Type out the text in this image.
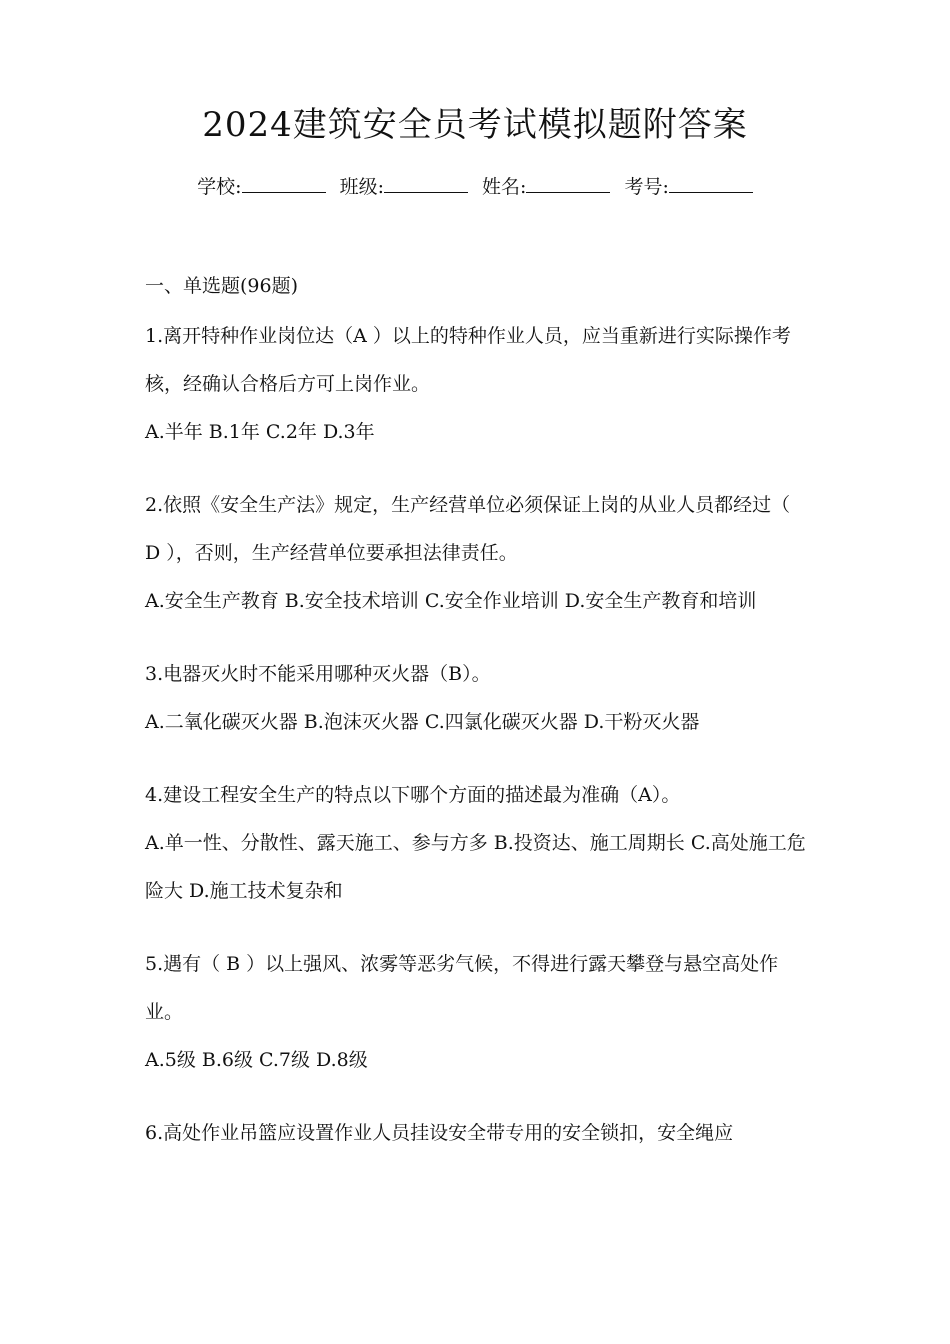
2024建筑安全员考试模拟题附答案
学校:	班级:	姓名:	考号:

一、单选题(96题)

1.离开特种作业岗位达（A ）以上的特种作业人员，应当重新进行实际操作考核，经确认合格后方可上岗作业。

A.半年 B.1年 C.2年 D.3年

2.依照《安全生产法》规定，生产经营单位必须保证上岗的从业人员都经过（ D ），否则，生产经营单位要承担法律责任。

A.安全生产教育 B.安全技术培训 C.安全作业培训 D.安全生产教育和培训

3.电器灭火时不能采用哪种灭火器（B）。

A.二氧化碳灭火器 B.泡沫灭火器 C.四氯化碳灭火器 D.干粉灭火器

4.建设工程安全生产的特点以下哪个方面的描述最为准确（A）。

A.单一性、分散性、露天施工、参与方多 B.投资达、施工周期长 C.高处施工危险大 D.施工技术复杂和

5.遇有（ B ）以上强风、浓雾等恶劣气候，不得进行露天攀登与悬空高处作业。

A.5级 B.6级 C.7级 D.8级

6.高处作业吊篮应设置作业人员挂设安全带专用的安全锁扣，安全绳应
